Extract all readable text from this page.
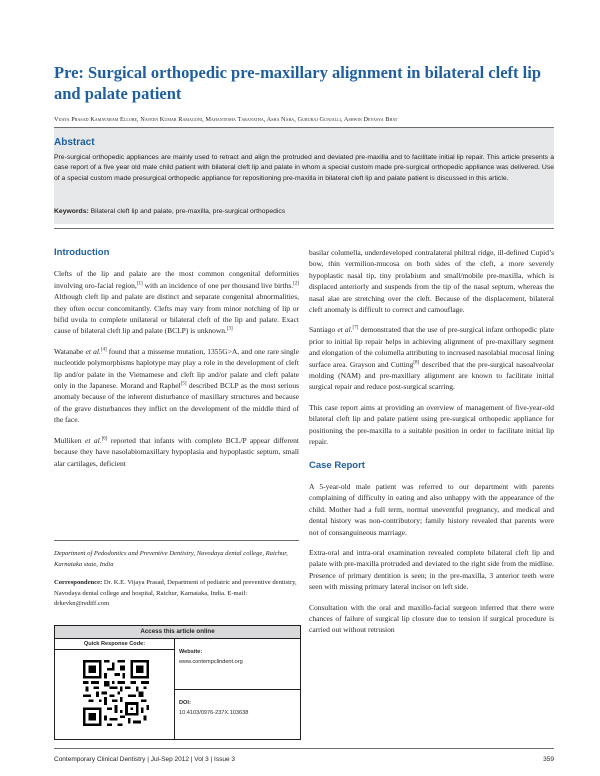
Pre: Surgical orthopedic pre-maxillary alignment in bilateral cleft lip and palate patient
Vijaya Prasad Kamavaram Ellore, Naveen Kumar Ramagoni, Mahantesha Taranatha, Asha Nara, Gururaj Gunjalli, Ashwin Devasya Bhat
Abstract

Pre-surgical orthopedic appliances are mainly used to retract and align the protruded and deviated pre-maxilla and to facilitate initial lip repair. This article presents a case report of a five year old male child patient with bilateral cleft lip and palate in whom a special custom made pre-surgical orthopedic appliance was delivered. Use of a special custom made presurgical orthopedic appliance for repositioning pre-maxilla in bilateral cleft lip and palate patient is discussed in this article.

Keywords: Bilateral cleft lip and palate, pre-maxilla, pre-surgical orthopedics
Introduction

Clefts of the lip and palate are the most common congenital deformities involving oro-facial region,[1] with an incidence of one per thousand live births.[2] Although cleft lip and palate are distinct and separate congenital abnormalities, they often occur concomitantly. Clefts may vary from minor notching of lip or bifid uvula to complete unilateral or bilateral cleft of the lip and palate. Exact cause of bilateral cleft lip and palate (BCLP) is unknown.[3]

Watanabe et al.[4] found that a missense mutation, 1355G>A, and one rare single nucleotide polymorphisms haplotype may play a role in the development of cleft lip and/or palate in the Vietnamese and cleft lip and/or palate and cleft palate only in the Japanese. Morand and Raphel[5] described BCLP as the most serious anomaly because of the inherent disturbance of maxillary structures and because of the grave disturbances they inflict on the development of the middle third of the face.

Mulliken et al.[6] reported that infants with complete BCL/P appear different because they have nasolabiomaxillary hypoplasia and hypoplastic septum, small alar cartilages, deficient

Department of Pedodontics and Preventive Dentistry, Navodaya dental college, Raichur, Karnataka state, India
Correspondence: Dr. K.E. Vijaya Prasad, Department of pediatric and preventive dentistry, Navodaya dental college and hospital, Raichur, Karnataka, India. E-mail: drkevkn@rediff.com
Access this article online
Quick Response Code:
Website:
www.contempclindent.org
DOI:
10.4103/0976-237X.103638

basilar columella, underdeveloped contralateral philtral ridge, ill-defined Cupid’s bow, thin vermilion-mucosa on both sides of the cleft, a more severely hypoplastic nasal tip, tiny prolabium and small/mobile pre-maxilla, which is displaced anteriorly and suspends from the tip of the nasal septum, whereas the nasal alae are stretching over the cleft. Because of the displacement, bilateral cleft anomaly is difficult to correct and camouflage.

Santiago et al.[7] demonstrated that the use of pre-surgical infant orthopedic plate prior to initial lip repair helps in achieving alignment of pre-maxillary segment and elongation of the columella attributing to increased nasolabial mucosal lining surface area. Grayson and Cutting[8] described that the pre-surgical nasoalveolar molding (NAM) and pre-maxillary alignment are known to facilitate initial surgical repair and reduce post-surgical scarring.

This case report aims at providing an overview of management of five-year-old bilateral cleft lip and palate patient using pre-surgical orthopedic appliance for positioning the pre-maxilla to a suitable position in order to facilitate initial lip repair.

Case Report

A 5-year-old male patient was referred to our department with parents complaining of difficulty in eating and also unhappy with the appearance of the child. Mother had a full term, normal uneventful pregnancy, and medical and dental history was non-contributory; family history revealed that parents were not of consanguineous marriage.

Extra-oral and intra-oral examination revealed complete bilateral cleft lip and palate with pre-maxilla protruded and deviated to the right side from the midline. Presence of primary dentition is seen; in the pre-maxilla, 3 anterior teeth were seen with missing primary lateral incisor on left side.

Consultation with the oral and maxillo-facial surgeon inferred that there were chances of failure of surgical lip closure due to tension if surgical procedure is carried out without retrusion

Contemporary Clinical Dentistry | Jul-Sep 2012 | Vol 3 | Issue 3	359
